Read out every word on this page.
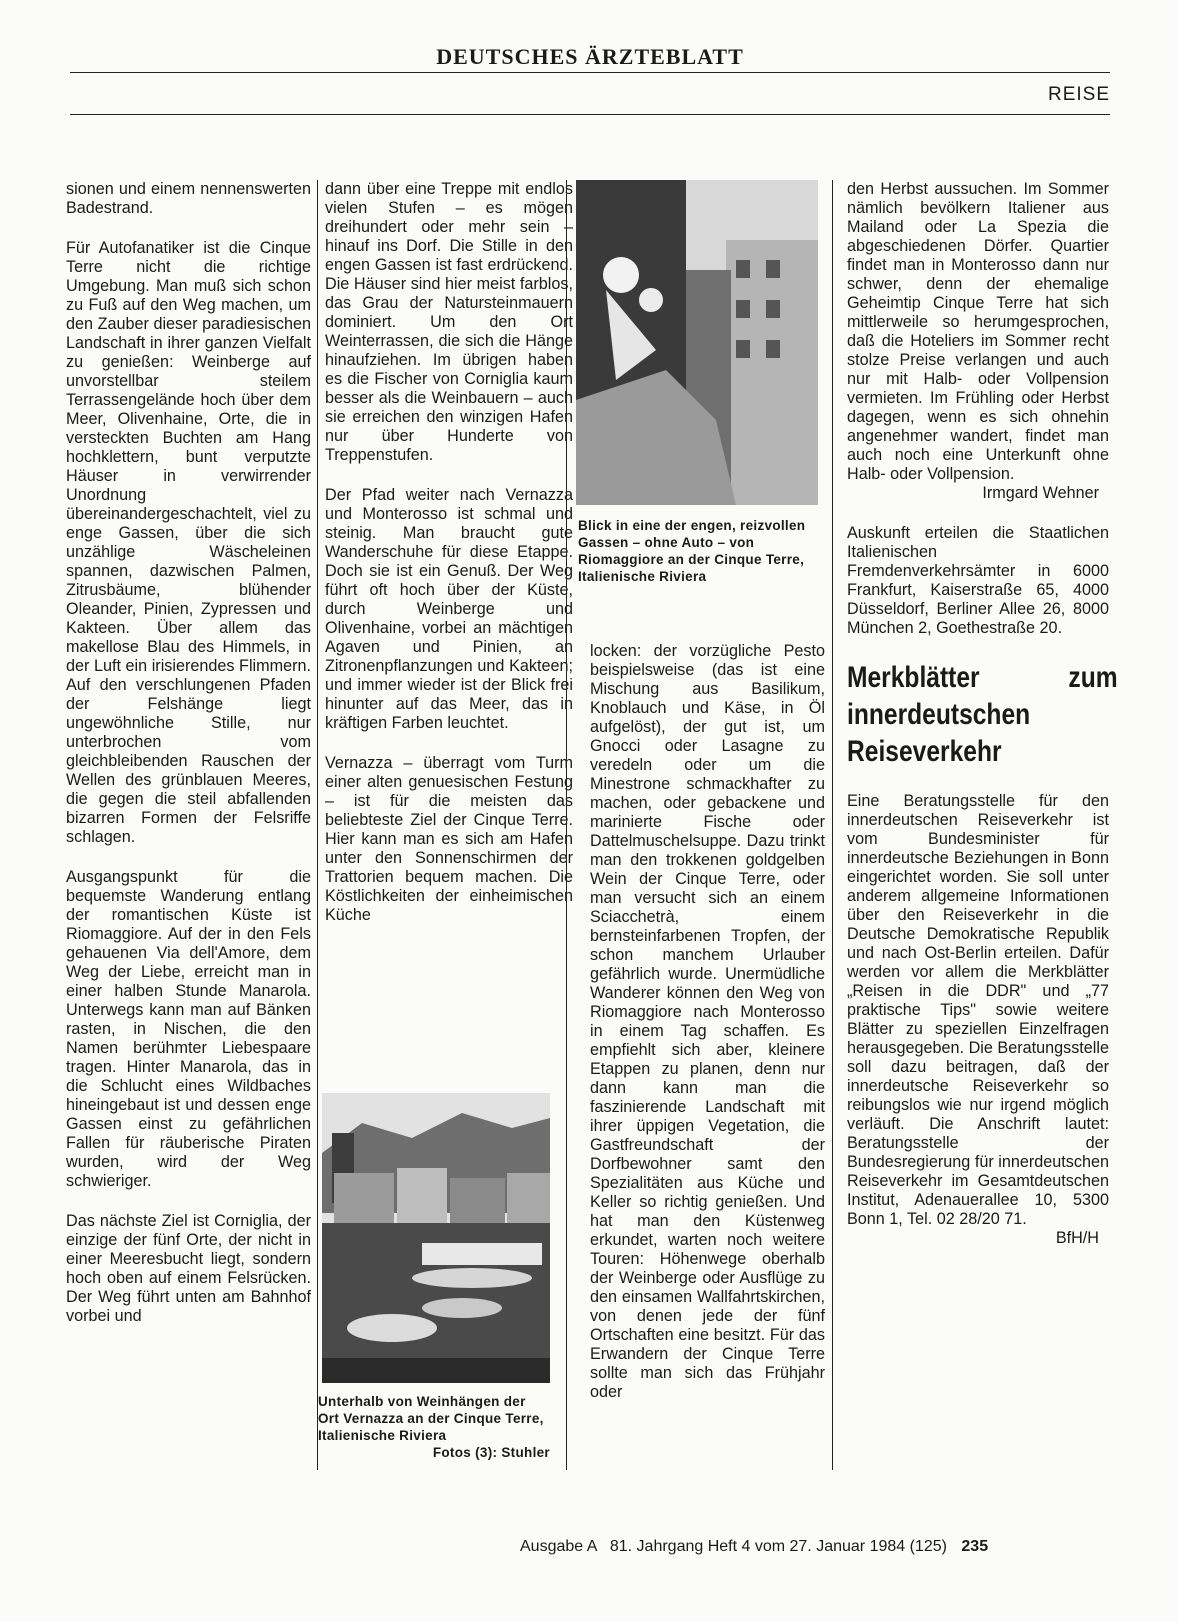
DEUTSCHES ÄRZTEBLATT
REISE

sionen und einem nennenswerten Badestrand.

Für Autofanatiker ist die Cinque Terre nicht die richtige Umgebung. Man muß sich schon zu Fuß auf den Weg machen, um den Zauber dieser paradiesischen Landschaft in ihrer ganzen Vielfalt zu genießen: Weinberge auf unvorstellbar steilem Terrassengelände hoch über dem Meer, Olivenhaine, Orte, die in versteckten Buchten am Hang hochklettern, bunt verputzte Häuser in verwirrender Unordnung übereinandergeschachtelt, viel zu enge Gassen, über die sich unzählige Wäscheleinen spannen, dazwischen Palmen, Zitrusbäume, blühender Oleander, Pinien, Zypressen und Kakteen. Über allem das makellose Blau des Himmels, in der Luft ein irisierendes Flimmern. Auf den verschlungenen Pfaden der Felshänge liegt ungewöhnliche Stille, nur unterbrochen vom gleichbleibenden Rauschen der Wellen des grünblauen Meeres, die gegen die steil abfallenden bizarren Formen der Felsriffe schlagen.

Ausgangspunkt für die bequemste Wanderung entlang der romantischen Küste ist Riomaggiore. Auf der in den Fels gehauenen Via dell'Amore, dem Weg der Liebe, erreicht man in einer halben Stunde Manarola. Unterwegs kann man auf Bänken rasten, in Nischen, die den Namen berühmter Liebespaare tragen. Hinter Manarola, das in die Schlucht eines Wildbaches hineingebaut ist und dessen enge Gassen einst zu gefährlichen Fallen für räuberische Piraten wurden, wird der Weg schwieriger.

Das nächste Ziel ist Corniglia, der einzige der fünf Orte, der nicht in einer Meeresbucht liegt, sondern hoch oben auf einem Felsrücken. Der Weg führt unten am Bahnhof vorbei und

dann über eine Treppe mit endlos vielen Stufen – es mögen dreihundert oder mehr sein – hinauf ins Dorf. Die Stille in den engen Gassen ist fast erdrückend. Die Häuser sind hier meist farblos, das Grau der Natursteinmauern dominiert. Um den Ort Weinterrassen, die sich die Hänge hinaufziehen. Im übrigen haben es die Fischer von Corniglia kaum besser als die Weinbauern – auch sie erreichen den winzigen Hafen nur über Hunderte von Treppenstufen.

Der Pfad weiter nach Vernazza und Monterosso ist schmal und steinig. Man braucht gute Wanderschuhe für diese Etappe. Doch sie ist ein Genuß. Der Weg führt oft hoch über der Küste, durch Weinberge und Olivenhaine, vorbei an mächtigen Agaven und Pinien, an Zitronenpflanzungen und Kakteen; und immer wieder ist der Blick frei hinunter auf das Meer, das in kräftigen Farben leuchtet.

Vernazza – überragt vom Turm einer alten genuesischen Festung – ist für die meisten das beliebteste Ziel der Cinque Terre. Hier kann man es sich am Hafen unter den Sonnenschirmen der Trattorien bequem machen. Die Köstlichkeiten der einheimischen Küche

Unterhalb von Weinhängen der Ort Vernazza an der Cinque Terre, Italienische Riviera
Fotos (3): Stuhler
Blick in eine der engen, reizvollen Gassen – ohne Auto – von Riomaggiore an der Cinque Terre, Italienische Riviera

locken: der vorzügliche Pesto beispielsweise (das ist eine Mischung aus Basilikum, Knoblauch und Käse, in Öl aufgelöst), der gut ist, um Gnocci oder Lasagne zu veredeln oder um die Minestrone schmackhafter zu machen, oder gebackene und marinierte Fische oder Dattelmuschelsuppe. Dazu trinkt man den trokkenen goldgelben Wein der Cinque Terre, oder man versucht sich an einem Sciacchetrà, einem bernsteinfarbenen Tropfen, der schon manchem Urlauber gefährlich wurde. Unermüdliche Wanderer können den Weg von Riomaggiore nach Monterosso in einem Tag schaffen. Es empfiehlt sich aber, kleinere Etappen zu planen, denn nur dann kann man die faszinierende Landschaft mit ihrer üppigen Vegetation, die Gastfreundschaft der Dorfbewohner samt den Spezialitäten aus Küche und Keller so richtig genießen. Und hat man den Küstenweg erkundet, warten noch weitere Touren: Höhenwege oberhalb der Weinberge oder Ausflüge zu den einsamen Wallfahrtskirchen, von denen jede der fünf Ortschaften eine besitzt. Für das Erwandern der Cinque Terre sollte man sich das Frühjahr oder

den Herbst aussuchen. Im Sommer nämlich bevölkern Italiener aus Mailand oder La Spezia die abgeschiedenen Dörfer. Quartier findet man in Monterosso dann nur schwer, denn der ehemalige Geheimtip Cinque Terre hat sich mittlerweile so herumgesprochen, daß die Hoteliers im Sommer recht stolze Preise verlangen und auch nur mit Halb- oder Vollpension vermieten. Im Frühling oder Herbst dagegen, wenn es sich ohnehin angenehmer wandert, findet man auch noch eine Unterkunft ohne Halb- oder Vollpension.

Irmgard Wehner

Auskunft erteilen die Staatlichen Italienischen Fremdenverkehrsämter in 6000 Frankfurt, Kaiserstraße 65, 4000 Düsseldorf, Berliner Allee 26, 8000 München 2, Goethestraße 20.

Merkblätter zum innerdeutschen Reiseverkehr

Eine Beratungsstelle für den innerdeutschen Reiseverkehr ist vom Bundesminister für innerdeutsche Beziehungen in Bonn eingerichtet worden. Sie soll unter anderem allgemeine Informationen über den Reiseverkehr in die Deutsche Demokratische Republik und nach Ost-Berlin erteilen. Dafür werden vor allem die Merkblätter „Reisen in die DDR" und „77 praktische Tips" sowie weitere Blätter zu speziellen Einzelfragen herausgegeben. Die Beratungsstelle soll dazu beitragen, daß der innerdeutsche Reiseverkehr so reibungslos wie nur irgend möglich verläuft. Die Anschrift lautet: Beratungsstelle der Bundesregierung für innerdeutschen Reiseverkehr im Gesamtdeutschen Institut, Adenauerallee 10, 5300 Bonn 1, Tel. 02 28/20 71.

BfH/H

Ausgabe A   81. Jahrgang Heft 4 vom 27. Januar 1984 (125) 235
